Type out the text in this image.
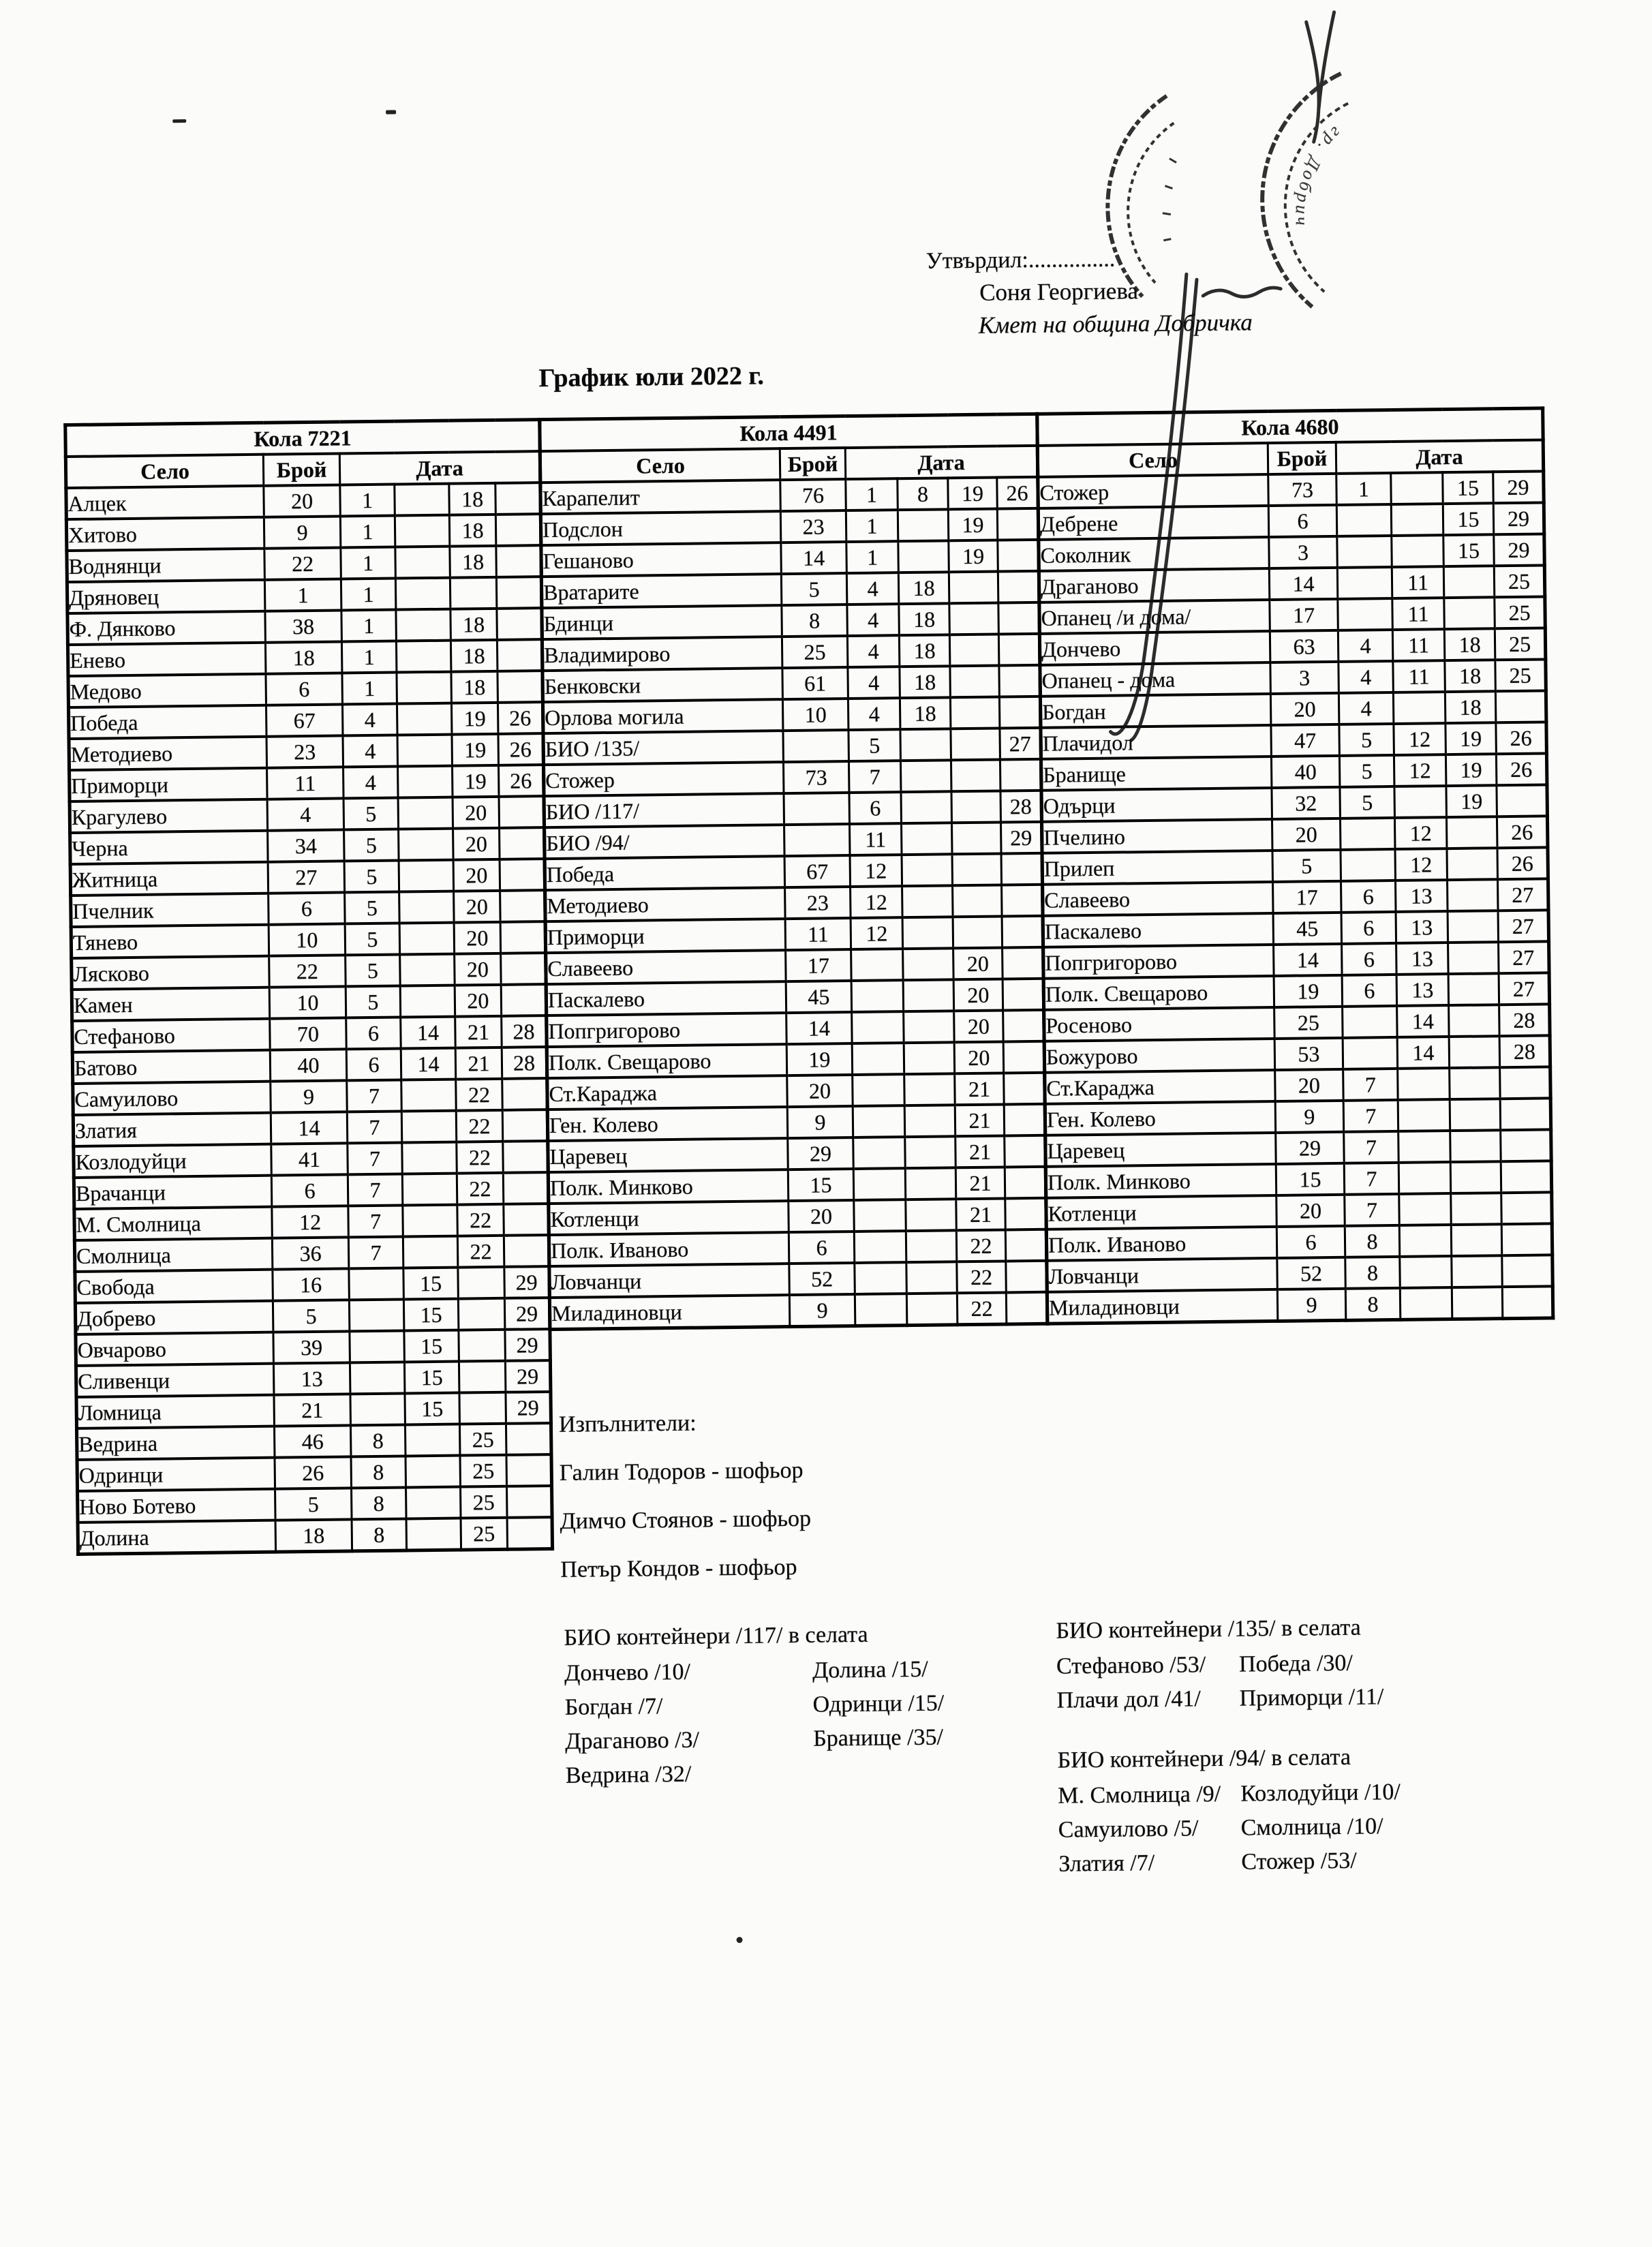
Утвърдил:...............
Соня Георгиева
Кмет на община Добричка
График юли 2022 г.
Кола 7221					
Село	Брой	Дата			
Алцек	20	1		18	
Хитово	9	1		18	
Воднянци	22	1		18	
Дряновец	1	1			
Ф. Дянково	38	1		18	
Енево	18	1		18	
Медово	6	1		18	
Победа	67	4		19	26
Методиево	23	4		19	26
Приморци	11	4		19	26
Крагулево	4	5		20	
Черна	34	5		20	
Житница	27	5		20	
Пчелник	6	5		20	
Тянево	10	5		20	
Лясково	22	5		20	
Камен	10	5		20	
Стефаново	70	6	14	21	28
Батово	40	6	14	21	28
Самуилово	9	7		22	
Златия	14	7		22	
Козлодуйци	41	7		22	
Врачанци	6	7		22	
М. Смолница	12	7		22	
Смолница	36	7		22	
Свобода	16		15		29
Добрево	5		15		29
Овчарово	39		15		29
Сливенци	13		15		29
Ломница	21		15		29
Ведрина	46	8		25	
Одринци	26	8		25	
Ново Ботево	5	8		25	
Долина	18	8		25	
Кола 4491					
Село	Брой	Дата			
Карапелит	76	1	8	19	26
Подслон	23	1		19	
Гешаново	14	1		19	
Вратарите	5	4	18		
Бдинци	8	4	18		
Владимирово	25	4	18		
Бенковски	61	4	18		
Орлова могила	10	4	18		
БИО /135/		5			27
Стожер	73	7			
БИО /117/		6			28
БИО /94/		11			29
Победа	67	12			
Методиево	23	12			
Приморци	11	12			
Славеево	17			20	
Паскалево	45			20	
Попгригорово	14			20	
Полк. Свещарово	19			20	
Ст.Караджа	20			21	
Ген. Колево	9			21	
Царевец	29			21	
Полк. Минково	15			21	
Котленци	20			21	
Полк. Иваново	6			22	
Ловчанци	52			22	
Миладиновци	9			22	
Кола 4680					
Село	Брой	Дата			
Стожер	73	1		15	29
Дебрене	6			15	29
Соколник	3			15	29
Драганово	14		11		25
Опанец /и дома/	17		11		25
Дончево	63	4	11	18	25
Опанец - дома	3	4	11	18	25
Богдан	20	4		18	
Плачидол	47	5	12	19	26
Бранище	40	5	12	19	26
Одърци	32	5		19	
Пчелино	20		12		26
Прилеп	5		12		26
Славеево	17	6	13		27
Паскалево	45	6	13		27
Попгригорово	14	6	13		27
Полк. Свещарово	19	6	13		27
Росеново	25		14		28
Божурово	53		14		28
Ст.Караджа	20	7			
Ген. Колево	9	7			
Царевец	29	7			
Полк. Минково	15	7			
Котленци	20	7			
Полк. Иваново	6	8			
Ловчанци	52	8			
Миладиновци	9	8			
Изпълнители:
Галин Тодоров - шофьор
Димчо Стоянов - шофьор
Петър Кондов - шофьор
БИО контейнери /117/ в селата
Дончево /10/	Долина /15/
Богдан /7/	Одринци /15/
Драганово /3/	Бранище /35/
Ведрина /32/
БИО контейнери /135/ в селата
Стефаново /53/ Победа /30/
Плачи дол /41/ Приморци /11/
БИО контейнери /94/ в селата
М. Смолница /9/ Козлодуйци /10/
Самуилово /5/ Смолница /10/
Златия /7/	Стожер /53/
гр. Добрич
